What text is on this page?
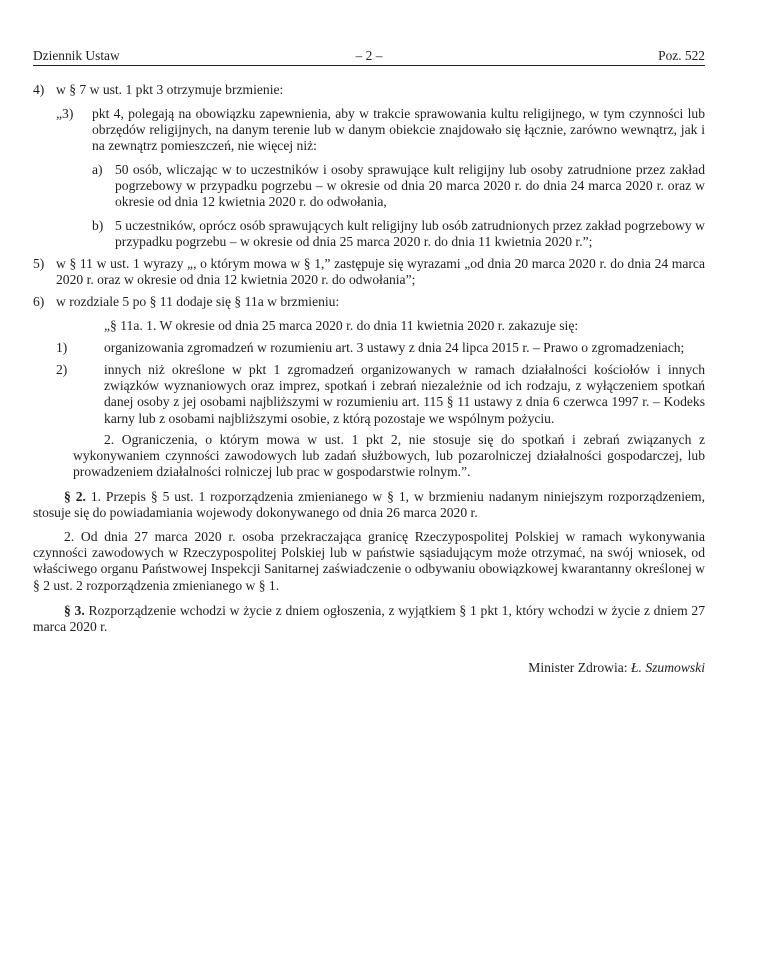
Dziennik Ustaw	– 2 –	Poz. 522
4) w § 7 w ust. 1 pkt 3 otrzymuje brzmienie:
„3) pkt 4, polegają na obowiązku zapewnienia, aby w trakcie sprawowania kultu religijnego, w tym czynności lub obrzędów religijnych, na danym terenie lub w danym obiekcie znajdowało się łącznie, zarówno wewnątrz, jak i na zewnątrz pomieszczeń, nie więcej niż:
a) 50 osób, wliczając w to uczestników i osoby sprawujące kult religijny lub osoby zatrudnione przez zakład pogrzebowy w przypadku pogrzebu – w okresie od dnia 20 marca 2020 r. do dnia 24 marca 2020 r. oraz w okresie od dnia 12 kwietnia 2020 r. do odwołania,
b) 5 uczestników, oprócz osób sprawujących kult religijny lub osób zatrudnionych przez zakład pogrzebowy w przypadku pogrzebu – w okresie od dnia 25 marca 2020 r. do dnia 11 kwietnia 2020 r.”;
5) w § 11 w ust. 1 wyrazy „, o którym mowa w § 1,” zastępuje się wyrazami „od dnia 20 marca 2020 r. do dnia 24 marca 2020 r. oraz w okresie od dnia 12 kwietnia 2020 r. do odwołania”;
6) w rozdziale 5 po § 11 dodaje się § 11a w brzmieniu:
„§ 11a. 1. W okresie od dnia 25 marca 2020 r. do dnia 11 kwietnia 2020 r. zakazuje się:
1)	organizowania zgromadzeń w rozumieniu art. 3 ustawy z dnia 24 lipca 2015 r. – Prawo o zgromadzeniach;
2)	innych niż określone w pkt 1 zgromadzeń organizowanych w ramach działalności kościołów i innych związków wyznaniowych oraz imprez, spotkań i zebrań niezależnie od ich rodzaju, z wyłączeniem spotkań danej osoby z jej osobami najbliższymi w rozumieniu art. 115 § 11 ustawy z dnia 6 czerwca 1997 r. – Kodeks karny lub z osobami najbliższymi osobie, z którą pozostaje we wspólnym pożyciu.
2. Ograniczenia, o którym mowa w ust. 1 pkt 2, nie stosuje się do spotkań i zebrań związanych z wykonywaniem czynności zawodowych lub zadań służbowych, lub pozarolniczej działalności gospodarczej, lub prowadzeniem działalności rolniczej lub prac w gospodarstwie rolnym.”.
§ 2. 1. Przepis § 5 ust. 1 rozporządzenia zmienianego w § 1, w brzmieniu nadanym niniejszym rozporządzeniem, stosuje się do powiadamiania wojewody dokonywanego od dnia 26 marca 2020 r.
2. Od dnia 27 marca 2020 r. osoba przekraczająca granicę Rzeczypospolitej Polskiej w ramach wykonywania czynności zawodowych w Rzeczypospolitej Polskiej lub w państwie sąsiadującym może otrzymać, na swój wniosek, od właściwego organu Państwowej Inspekcji Sanitarnej zaświadczenie o odbywaniu obowiązkowej kwarantanny określonej w § 2 ust. 2 rozporządzenia zmienianego w § 1.
§ 3. Rozporządzenie wchodzi w życie z dniem ogłoszenia, z wyjątkiem § 1 pkt 1, który wchodzi w życie z dniem 27 marca 2020 r.
Minister Zdrowia: Ł. Szumowski
